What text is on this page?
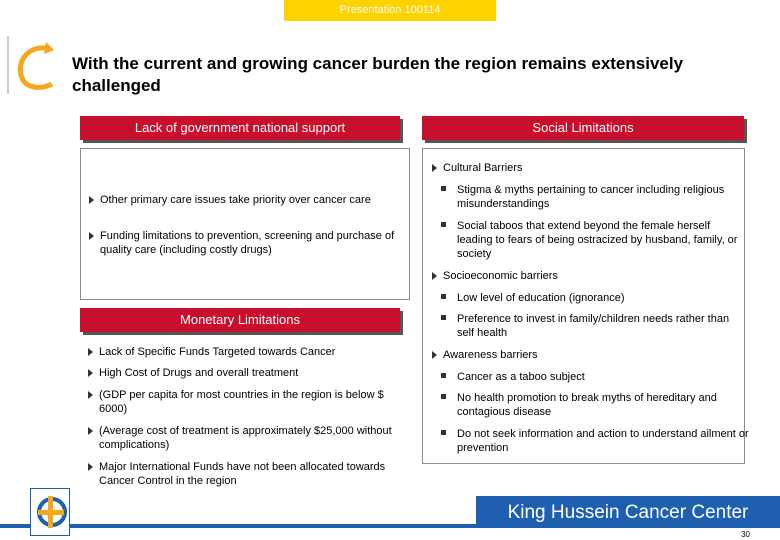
Presentation 100114
With the current and growing cancer burden the region remains extensively challenged
Lack of government national support
Other primary care issues take priority over cancer care
Funding limitations to prevention, screening and purchase of quality care (including costly drugs)
Monetary Limitations
Lack of Specific Funds Targeted towards Cancer
High Cost of Drugs and overall treatment
(GDP per capita for most countries in the region is below $ 6000)
(Average cost of treatment is approximately $25,000 without complications)
Major International Funds have not been allocated towards Cancer Control in the region
Social Limitations
Cultural Barriers
Stigma & myths pertaining to cancer including religious misunderstandings
Social taboos that extend beyond the female herself leading to fears of being ostracized by husband, family, or society
Socioeconomic barriers
Low level of education (ignorance)
Preference to invest in family/children needs rather than self health
Awareness barriers
Cancer as a taboo subject
No health promotion to break myths of hereditary and contagious disease
Do not seek information and action to understand ailment or prevention
King Hussein Cancer Center
30
